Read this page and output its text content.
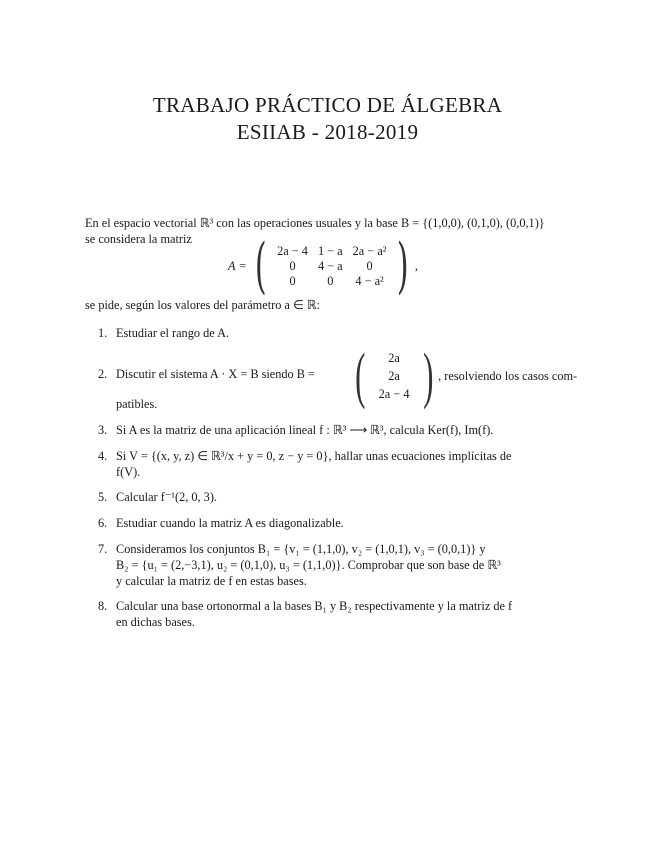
TRABAJO PRÁCTICO DE ÁLGEBRA
ESIIAB - 2018-2019
En el espacio vectorial ℝ³ con las operaciones usuales y la base B = {(1,0,0), (0,1,0), (0,0,1)}
se considera la matriz
A = ( 2a − 4	1 − a	2a − a²
0	4 − a	0
0	0	4 − a² ) ,
se pide, según los valores del parámetro a ∈ ℝ:
1. Estudiar el rango de A.
2. Discutir el sistema A · X = B siendo B = ( 2a
2a
2a − 4 ) , resolviendo los casos com-
patibles.
3. Si A es la matriz de una aplicación lineal f : ℝ³ ⟶ ℝ³, calcula Ker(f), Im(f).
4. Si V = {(x, y, z) ∈ ℝ³/x + y = 0, z − y = 0}, hallar unas ecuaciones implícitas de
f(V).
5. Calcular f⁻¹(2, 0, 3).
6. Estudiar cuando la matriz A es diagonalizable.
7. Consideramos los conjuntos B₁ = {v₁ = (1,1,0), v₂ = (1,0,1), v₃ = (0,0,1)} y
B₂ = {u₁ = (2,−3,1), u₂ = (0,1,0), u₃ = (1,1,0)}. Comprobar que son base de ℝ³
y calcular la matriz de f en estas bases.
8. Calcular una base ortonormal a la bases B₁ y B₂ respectivamente y la matriz de f
en dichas bases.
